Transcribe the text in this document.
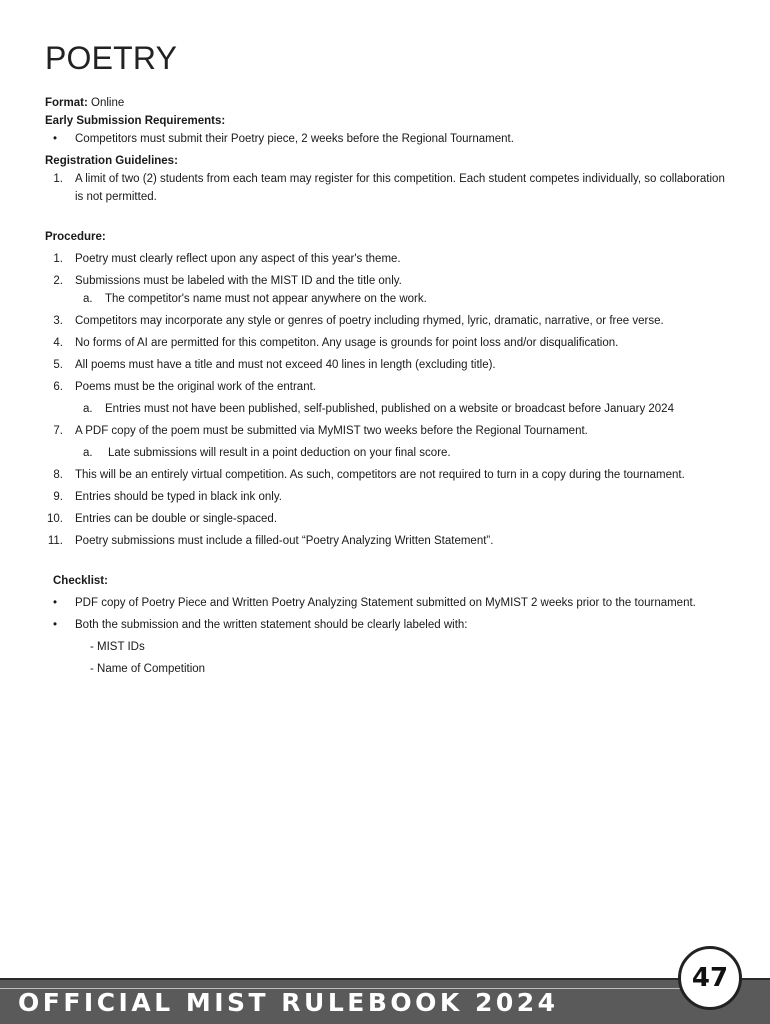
POETRY
Format: Online
Early Submission Requirements:
• Competitors must submit their Poetry piece, 2 weeks before the Regional Tournament.
Registration Guidelines:
1. A limit of two (2) students from each team may register for this competition. Each student competes individually, so collaboration is not permitted.
Procedure:
1. Poetry must clearly reflect upon any aspect of this year's theme.
2. Submissions must be labeled with the MIST ID and the title only.
a. The competitor's name must not appear anywhere on the work.
3. Competitors may incorporate any style or genres of poetry including rhymed, lyric, dramatic, narrative, or free verse.
4. No forms of AI are permitted for this competiton. Any usage is grounds for point loss and/or disqualification.
5. All poems must have a title and must not exceed 40 lines in length (excluding title).
6. Poems must be the original work of the entrant.
a. Entries must not have been published, self-published, published on a website or broadcast before January 2024
7. A PDF copy of the poem must be submitted via MyMIST two weeks before the Regional Tournament.
a. Late submissions will result in a point deduction on your final score.
8. This will be an entirely virtual competition. As such, competitors are not required to turn in a copy during the tournament.
9. Entries should be typed in black ink only.
10. Entries can be double or single-spaced.
11. Poetry submissions must include a filled-out “Poetry Analyzing Written Statement”.
Checklist:
• PDF copy of Poetry Piece and Written Poetry Analyzing Statement submitted on MyMIST 2 weeks prior to the tournament.
• Both the submission and the written statement should be clearly labeled with:
- MIST IDs
- Name of Competition
OFFICIAL MIST RULEBOOK 2024
47
